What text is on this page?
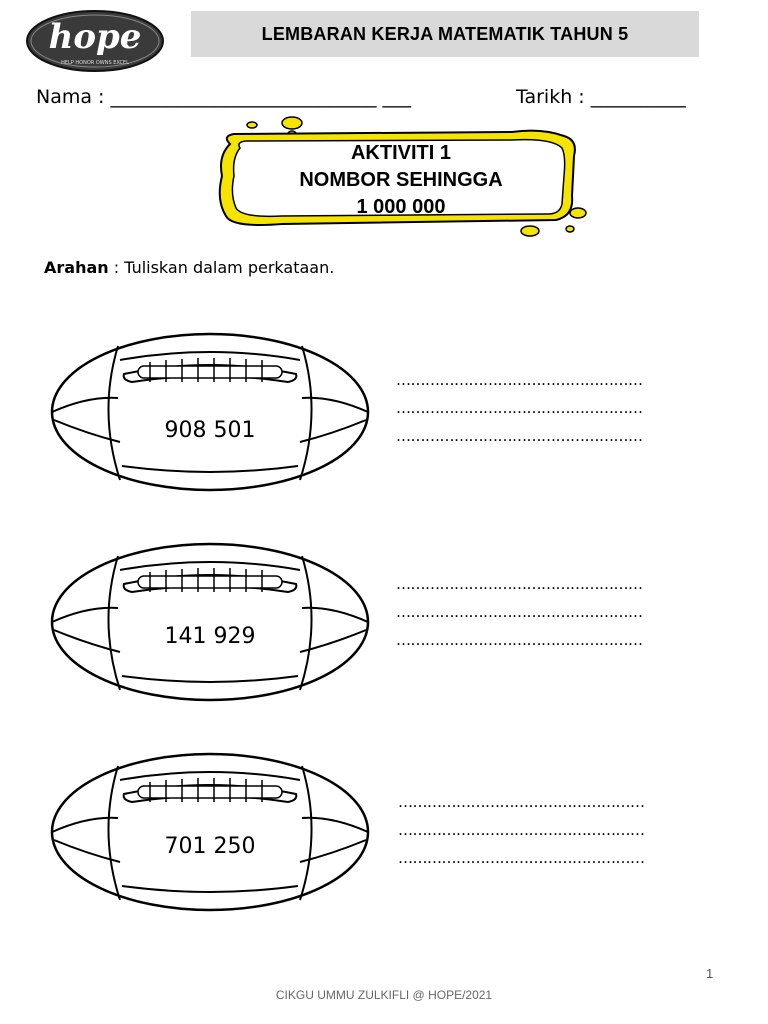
hope
HELP HONOR OWNS EXCEL
LEMBARAN KERJA MATEMATIK TAHUN 5
Nama : ____________________________ ___	Tarikh : __________
AKTIVITI 1
NOMBOR SEHINGGA
1 000 000
Arahan : Tuliskan dalam perkataan.
908 501
……………………………………………
……………………………………………
……………………………………………
141 929
……………………………………………
……………………………………………
……………………………………………
701 250
……………………………………………
……………………………………………
……………………………………………
1
CIKGU UMMU ZULKIFLI @ HOPE/2021
